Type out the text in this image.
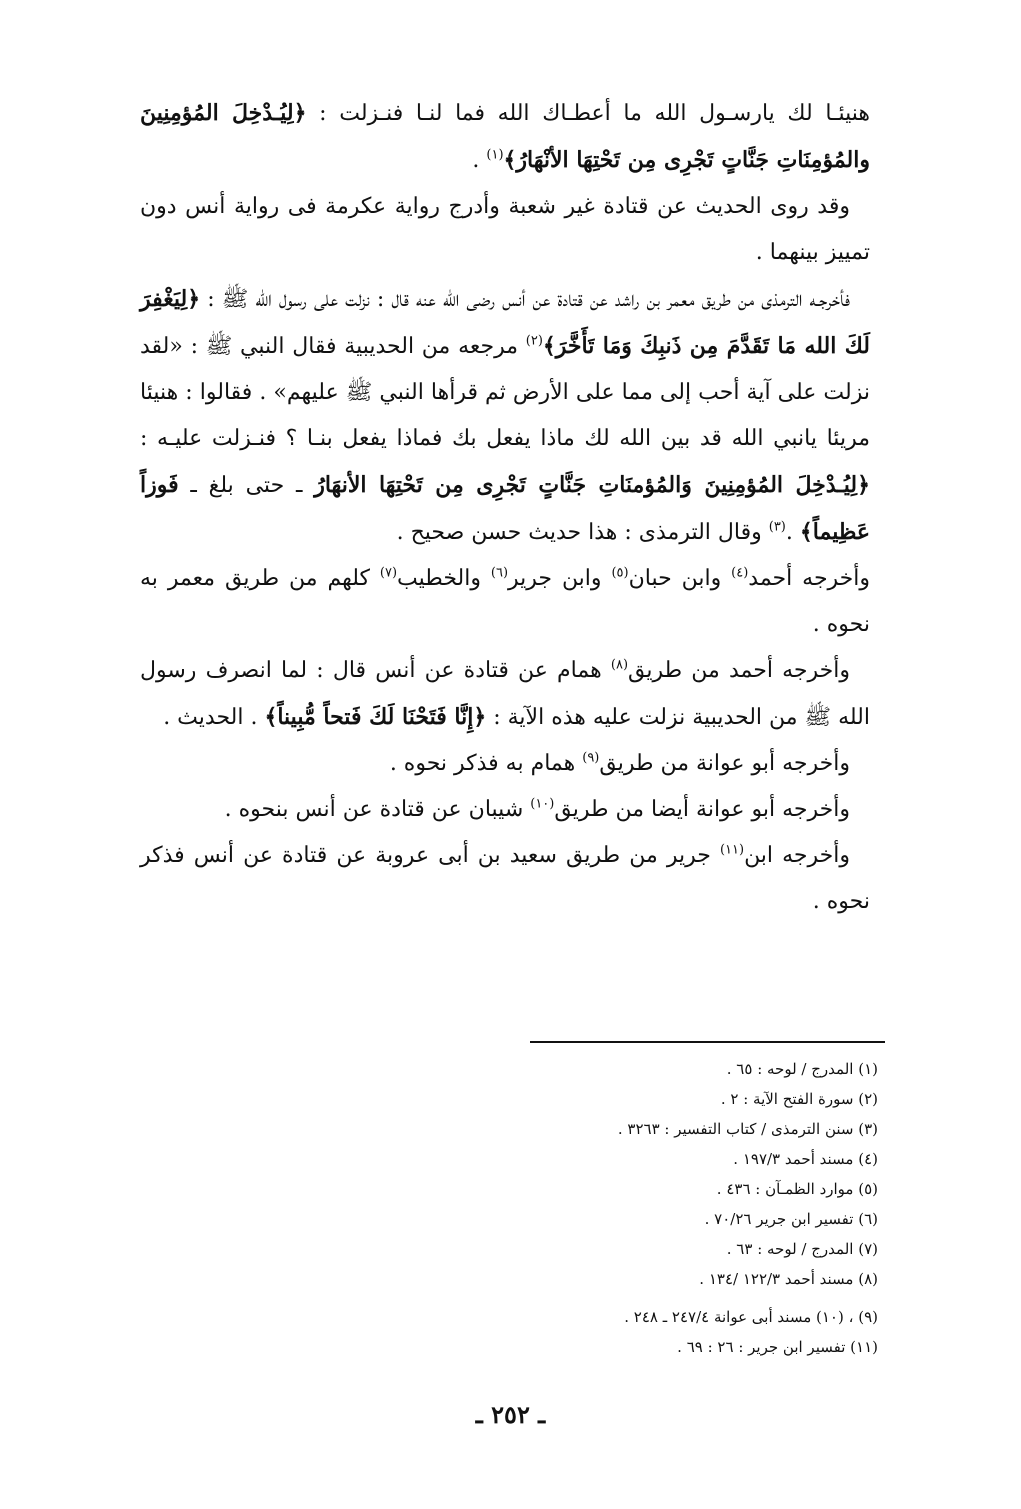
هنيئـا لك يارسـول الله ما أعطـاك الله فما لنـا فنـزلت : ﴿لِيُـدْخِلَ المُؤمِنِينَ والمُؤمِنَاتِ جَنَّاتٍ تَجْرِى مِن تَحْتِهَا الأنْهَارُ﴾$^{(١)}$ .

وقد روى الحديث عن قتادة غير شعبة وأدرج رواية عكرمة فى رواية أنس دون تمييز بينهما .

فأخرجـه الترمذى من طريق معمر بن راشد عن قتادة عن أنس رضى الله عنه قال : نزلت على رسول الله ﷺ : ﴿لِيَغْفِرَ لَكَ الله مَا تَقَدَّمَ مِن ذَنبِكَ وَمَا تَأَخَّرَ﴾$^{(٢)}$ مرجعه من الحديبية فقال النبي ﷺ : «لقد نزلت على آية أحب إلى مما على الأرض ثم قرأها النبي ﷺ عليهم» . فقالوا : هنيئا مريئا يانبي الله قد بين الله لك ماذا يفعل بك فماذا يفعل بنـا ؟ فنـزلت عليـه : ﴿لِيُـدْخِلَ المُؤمِنِينَ وَالمُؤمنَاتِ جَنَّاتٍ تَجْرِى مِن تَحْتِهَا الأنهَارُ ـ حتى بلغ ـ فَوزاً عَظِيماً﴾ .$^{(٣)}$ وقال الترمذى : هذا حديث حسن صحيح .

وأخرجه أحمد$^{(٤)}$ وابن حبان$^{(٥)}$ وابن جرير$^{(٦)}$ والخطيب$^{(٧)}$ كلهم من طريق معمر به نحوه .

وأخرجه أحمد من طريق$^{(٨)}$ همام عن قتادة عن أنس قال : لما انصرف رسول الله ﷺ من الحديبية نزلت عليه هذه الآية : ﴿إِنَّا فَتَحْنَا لَكَ فَتحاً مُّبِيناً﴾ . الحديث .

وأخرجه أبو عوانة من طريق$^{(٩)}$ همام به فذكر نحوه .

وأخرجه أبو عوانة أيضا من طريق$^{(١٠)}$ شيبان عن قتادة عن أنس بنحوه .

وأخرجه ابن$^{(١١)}$ جرير من طريق سعيد بن أبى عروبة عن قتادة عن أنس فذكر نحوه .

(١) المدرج / لوحه : ٦٥ .
(٢) سورة الفتح الآية : ٢ .
(٣) سنن الترمذى / كتاب التفسير : ٣٢٦٣ .
(٤) مسند أحمد ١٩٧/٣ .
(٥) موارد الظمـآن : ٤٣٦ .
(٦) تفسير ابن جرير ٧٠/٢٦ .
(٧) المدرج / لوحه : ٦٣ .
(٨) مسند أحمد ١٢٢/٣ /١٣٤ .
(٩) ، (١٠) مسند أبى عوانة ٢٤٧/٤ ـ ٢٤٨ .
(١١) تفسير ابن جرير : ٢٦ : ٦٩ .
ـ ٢٥٢ ـ
